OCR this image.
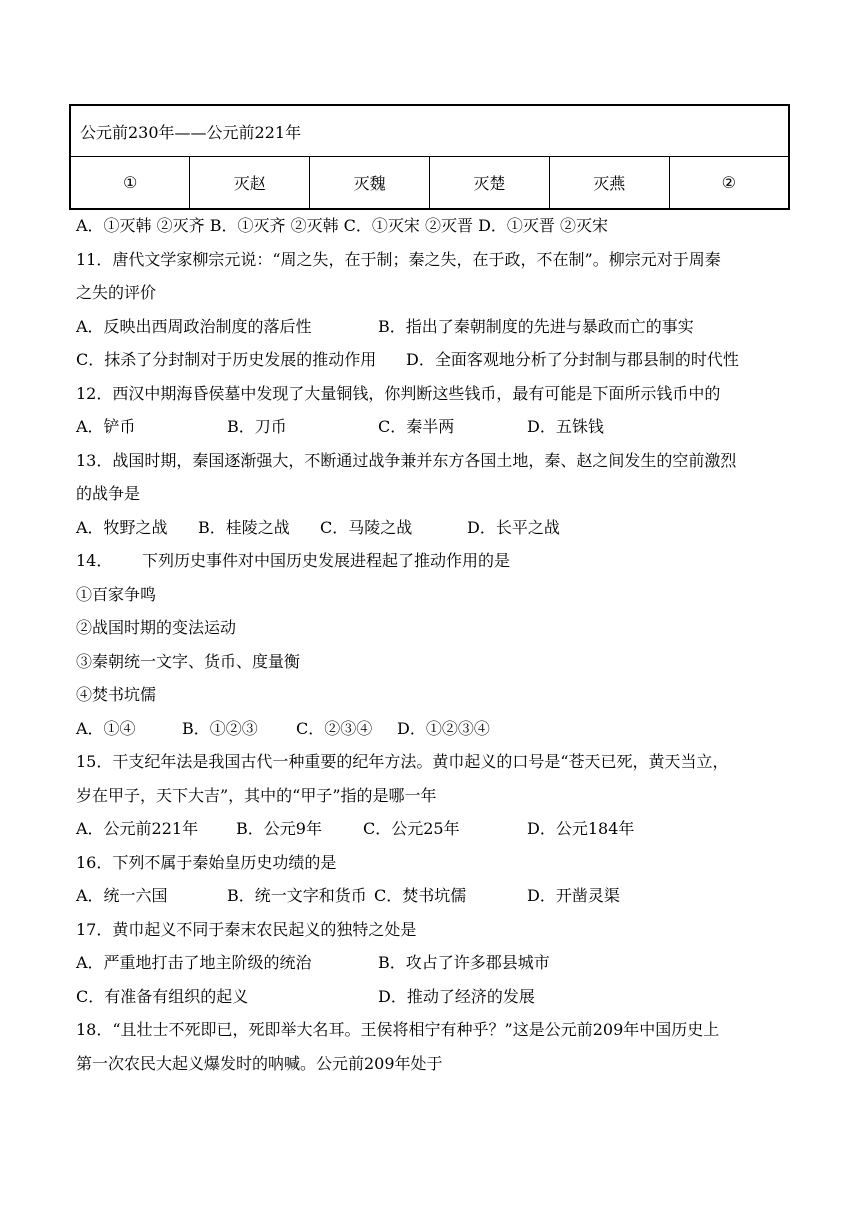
公元前230年——公元前221年
①	灭赵	灭魏	灭楚	灭燕	②
A．①灭韩 ②灭齐 B．①灭齐 ②灭韩 C．①灭宋 ②灭晋 D．①灭晋 ②灭宋
11．唐代文学家柳宗元说：“周之失，在于制；秦之失，在于政，不在制”。柳宗元对于周秦
之失的评价
A．反映出西周政治制度的落后性	B．指出了秦朝制度的先进与暴政而亡的事实
C．抹杀了分封制对于历史发展的推动作用 D．全面客观地分析了分封制与郡县制的时代性
12．西汉中期海昏侯墓中发现了大量铜钱，你判断这些钱币，最有可能是下面所示钱币中的
A．铲币	B．刀币	C．秦半两	D．五铢钱
13．战国时期，秦国逐渐强大，不断通过战争兼并东方各国土地，秦、赵之间发生的空前激烈
的战争是
A．牧野之战 B．桂陵之战 C．马陵之战	D．长平之战
14． 下列历史事件对中国历史发展进程起了推动作用的是
①百家争鸣
②战国时期的变法运动
③秦朝统一文字、货币、度量衡
④焚书坑儒
A．①④	B．①②③ C．②③④ D．①②③④
15．干支纪年法是我国古代一种重要的纪年方法。黄巾起义的口号是“苍天已死，黄天当立，
岁在甲子，天下大吉”，其中的“甲子”指的是哪一年
A．公元前221年 B．公元9年	C．公元25年	D．公元184年
16．下列不属于秦始皇历史功绩的是
A．统一六国	B．统一文字和货币 C．焚书坑儒	D．开凿灵渠
17．黄巾起义不同于秦末农民起义的独特之处是
A．严重地打击了地主阶级的统治	B．攻占了许多郡县城市
C．有准备有组织的起义	D．推动了经济的发展
18．“且壮士不死即已，死即举大名耳。王侯将相宁有种乎？”这是公元前209年中国历史上
第一次农民大起义爆发时的呐喊。公元前209年处于
